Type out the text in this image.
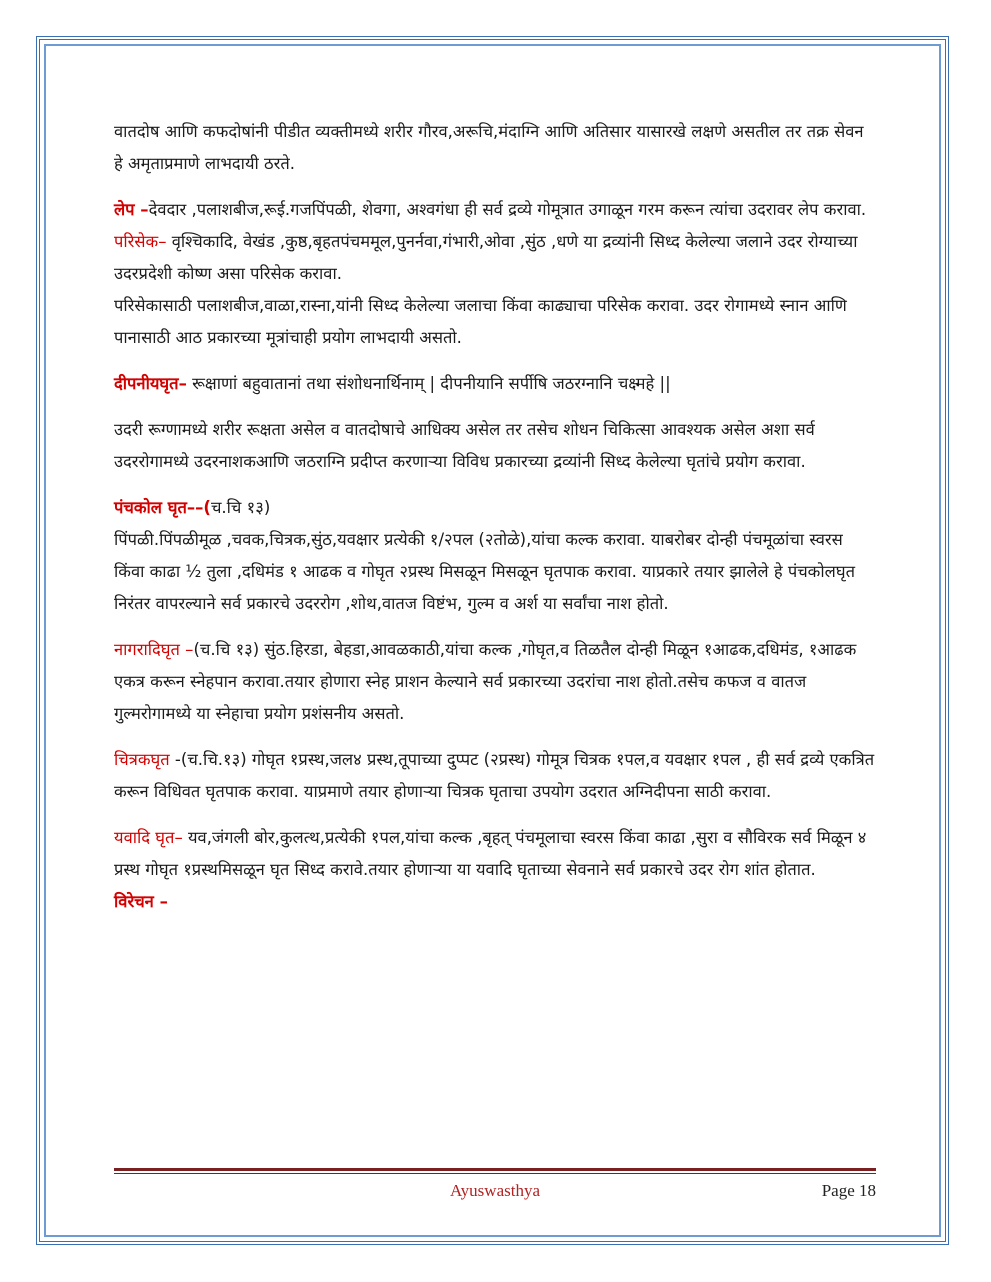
वातदोष आणि कफदोषांनी पीडीत व्यक्तीमध्ये शरीर गौरव,अरूचि,मंदाग्नि आणि अतिसार यासारखे लक्षणे असतील तर तक्र सेवन हे अमृताप्रमाणे लाभदायी ठरते.

लेप –देवदार ,पलाशबीज,रूई.गजपिंपळी, शेवगा, अश्वगंधा ही सर्व द्रव्ये गोमूत्रात उगाळून गरम करून त्यांचा उदरावर लेप करावा.

परिसेक– वृश्चिकादि, वेखंड ,कुष्ठ,बृहतपंचममूल,पुनर्नवा,गंभारी,ओवा ,सुंठ ,धणे या द्रव्यांनी सिध्द केलेल्या जलाने उदर रोग्याच्या उदरप्रदेशी कोष्ण असा परिसेक करावा.

परिसेकासाठी पलाशबीज,वाळा,रास्ना,यांनी सिध्द केलेल्या जलाचा किंवा काढ्याचा परिसेक करावा. उदर रोगामध्ये स्नान आणि पानासाठी आठ प्रकारच्या मूत्रांचाही प्रयोग लाभदायी असतो.

दीपनीयघृत– रूक्षाणां बहुवातानां तथा संशोधनार्थिनाम् | दीपनीयानि सर्पीषि जठरग्नानि चक्ष्महे ||

उदरी रूग्णामध्ये शरीर रूक्षता असेल व वातदोषाचे आधिक्य असेल तर तसेच शोधन चिकित्सा आवश्यक असेल अशा सर्व उदररोगामध्ये उदरनाशकआणि जठराग्नि प्रदीप्त करणाऱ्या विविध प्रकारच्या द्रव्यांनी सिध्द केलेल्या घृतांचे प्रयोग करावा.

पंचकोल घृत––(च.चि १३)

पिंपळी.पिंपळीमूळ ,चवक,चित्रक,सुंठ,यवक्षार प्रत्येकी १/२पल (२तोळे),यांचा कल्क करावा. याबरोबर दोन्ही पंचमूळांचा स्वरस किंवा काढा ½ तुला ,दधिमंड १ आढक व गोघृत २प्रस्थ मिसळून मिसळून घृतपाक करावा. याप्रकारे तयार झालेले हे पंचकोलघृत निरंतर वापरल्याने सर्व प्रकारचे उदररोग ,शोथ,वातज विष्टंभ, गुल्म व अर्श या सर्वांचा नाश होतो.

नागरादिघृत –(च.चि १३) सुंठ.हिरडा, बेहडा,आवळकाठी,यांचा कल्क ,गोघृत,व तिळतैल दोन्ही मिळून १आढक,दधिमंड, १आढक एकत्र करून स्नेहपान करावा.तयार होणारा स्नेह प्राशन केल्याने सर्व प्रकारच्या उदरांचा नाश होतो.तसेच कफज व वातज गुल्मरोगामध्ये या स्नेहाचा प्रयोग प्रशंसनीय असतो.

चित्रकघृत -(च.चि.१३) गोघृत १प्रस्थ,जल४ प्रस्थ,तूपाच्या दुप्पट (२प्रस्थ) गोमूत्र चित्रक १पल,व यवक्षार १पल , ही सर्व द्रव्ये एकत्रित करून विधिवत घृतपाक करावा. याप्रमाणे तयार होणाऱ्या चित्रक घृताचा उपयोग उदरात अग्निदीपना साठी करावा.

यवादि घृत– यव,जंगली बोर,कुलत्थ,प्रत्येकी १पल,यांचा कल्क ,बृहत् पंचमूलाचा स्वरस किंवा काढा ,सुरा व सौविरक सर्व मिळून ४ प्रस्थ गोघृत १प्रस्थमिसळून घृत सिध्द करावे.तयार होणाऱ्या या यवादि घृताच्या सेवनाने सर्व प्रकारचे उदर रोग शांत होतात.

विरेचन –

Ayuswasthya	Page 18
